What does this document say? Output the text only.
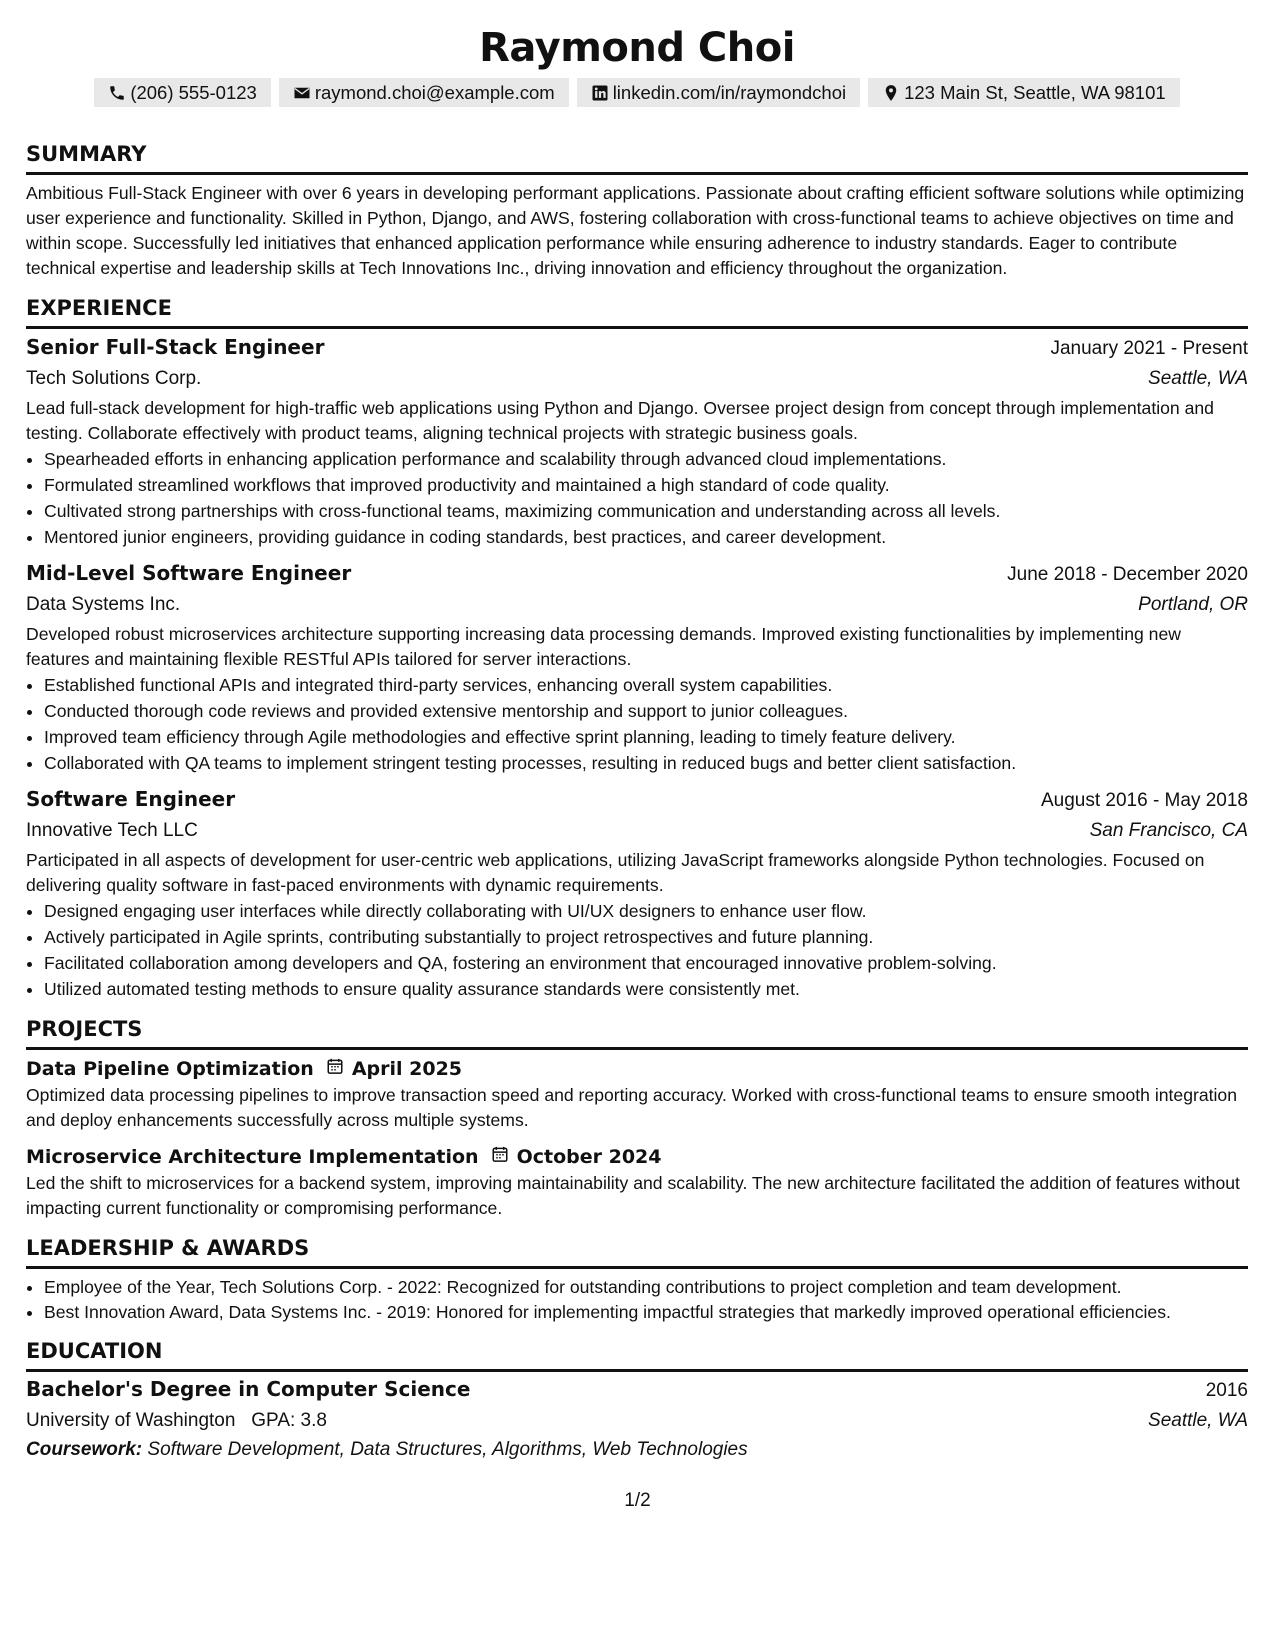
Raymond Choi
(206) 555-0123	raymond.choi@example.com	linkedin.com/in/raymondchoi	123 Main St, Seattle, WA 98101
SUMMARY

Ambitious Full-Stack Engineer with over 6 years in developing performant applications. Passionate about crafting efficient software solutions while optimizing user experience and functionality. Skilled in Python, Django, and AWS, fostering collaboration with cross-functional teams to achieve objectives on time and within scope. Successfully led initiatives that enhanced application performance while ensuring adherence to industry standards. Eager to contribute technical expertise and leadership skills at Tech Innovations Inc., driving innovation and efficiency throughout the organization.

EXPERIENCE
Senior Full-Stack Engineer	January 2021 - Present
Tech Solutions Corp.	Seattle, WA

Lead full-stack development for high-traffic web applications using Python and Django. Oversee project design from concept through implementation and testing. Collaborate effectively with product teams, aligning technical projects with strategic business goals.

• Spearheaded efforts in enhancing application performance and scalability through advanced cloud implementations.
• Formulated streamlined workflows that improved productivity and maintained a high standard of code quality.
• Cultivated strong partnerships with cross-functional teams, maximizing communication and understanding across all levels.
• Mentored junior engineers, providing guidance in coding standards, best practices, and career development.
Mid-Level Software Engineer	June 2018 - December 2020
Data Systems Inc.	Portland, OR

Developed robust microservices architecture supporting increasing data processing demands. Improved existing functionalities by implementing new features and maintaining flexible RESTful APIs tailored for server interactions.

• Established functional APIs and integrated third-party services, enhancing overall system capabilities.
• Conducted thorough code reviews and provided extensive mentorship and support to junior colleagues.
• Improved team efficiency through Agile methodologies and effective sprint planning, leading to timely feature delivery.
• Collaborated with QA teams to implement stringent testing processes, resulting in reduced bugs and better client satisfaction.
Software Engineer	August 2016 - May 2018
Innovative Tech LLC	San Francisco, CA

Participated in all aspects of development for user-centric web applications, utilizing JavaScript frameworks alongside Python technologies. Focused on delivering quality software in fast-paced environments with dynamic requirements.

• Designed engaging user interfaces while directly collaborating with UI/UX designers to enhance user flow.
• Actively participated in Agile sprints, contributing substantially to project retrospectives and future planning.
• Facilitated collaboration among developers and QA, fostering an environment that encouraged innovative problem-solving.
• Utilized automated testing methods to ensure quality assurance standards were consistently met.
PROJECTS
Data Pipeline Optimization April 2025

Optimized data processing pipelines to improve transaction speed and reporting accuracy. Worked with cross-functional teams to ensure smooth integration and deploy enhancements successfully across multiple systems.

Microservice Architecture Implementation October 2024

Led the shift to microservices for a backend system, improving maintainability and scalability. The new architecture facilitated the addition of features without impacting current functionality or compromising performance.

LEADERSHIP & AWARDS
• Employee of the Year, Tech Solutions Corp. - 2022: Recognized for outstanding contributions to project completion and team development.
• Best Innovation Award, Data Systems Inc. - 2019: Honored for implementing impactful strategies that markedly improved operational efficiencies.
EDUCATION
Bachelor's Degree in Computer Science	2016
University of Washington GPA: 3.8	Seattle, WA
Coursework: Software Development, Data Structures, Algorithms, Web Technologies
1/2
